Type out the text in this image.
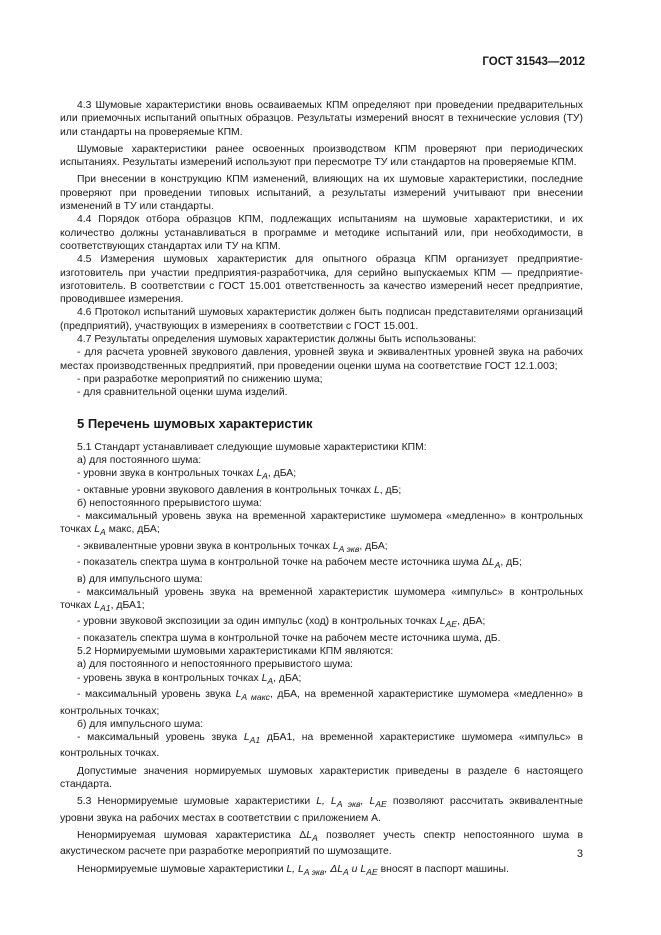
ГОСТ 31543—2012

4.3 Шумовые характеристики вновь осваиваемых КПМ определяют при проведении предварительных или приемочных испытаний опытных образцов. Результаты измерений вносят в технические условия (ТУ) или стандарты на проверяемые КПМ.

Шумовые характеристики ранее освоенных производством КПМ проверяют при периодических испытаниях. Результаты измерений используют при пересмотре ТУ или стандартов на проверяемые КПМ.

При внесении в конструкцию КПМ изменений, влияющих на их шумовые характеристики, последние проверяют при проведении типовых испытаний, а результаты измерений учитывают при внесении изменений в ТУ или стандарты.

4.4 Порядок отбора образцов КПМ, подлежащих испытаниям на шумовые характеристики, и их количество должны устанавливаться в программе и методике испытаний или, при необходимости, в соответствующих стандартах или ТУ на КПМ.

4.5 Измерения шумовых характеристик для опытного образца КПМ организует предприятие-изготовитель при участии предприятия-разработчика, для серийно выпускаемых КПМ — предприятие-изготовитель. В соответствии с ГОСТ 15.001 ответственность за качество измерений несет предприятие, проводившее измерения.

4.6 Протокол испытаний шумовых характеристик должен быть подписан представителями организаций (предприятий), участвующих в измерениях в соответствии с ГОСТ 15.001.

4.7 Результаты определения шумовых характеристик должны быть использованы:

- для расчета уровней звукового давления, уровней звука и эквивалентных уровней звука на рабочих местах производственных предприятий, при проведении оценки шума на соответствие ГОСТ 12.1.003;

- при разработке мероприятий по снижению шума;

- для сравнительной оценки шума изделий.

5 Перечень шумовых характеристик

5.1 Стандарт устанавливает следующие шумовые характеристики КПМ:

а) для постоянного шума:

- уровни звука в контрольных точках $L_A$, дБА;

- октавные уровни звукового давления в контрольных точках L, дБ;

б) непостоянного прерывистого шума:

- максимальный уровень звука на временной характеристике шумомера «медленно» в контрольных точках $L_A$ макс, дБА;

- эквивалентные уровни звука в контрольных точках $L_{A экв}$, дБА;

- показатель спектра шума в контрольной точке на рабочем месте источника шума $\Delta L_A$, дБ;

в) для импульсного шума:

- максимальный уровень звука на временной характеристик шумомера «импульс» в контрольных точках $L_{A1}$, дБА1;

- уровни звуковой экспозиции за один импульс (ход) в контрольных точках $L_{AE}$, дБА;

- показатель спектра шума в контрольной точке на рабочем месте источника шума, дБ.

5.2 Нормируемыми шумовыми характеристиками КПМ являются:

а) для постоянного и непостоянного прерывистого шума:

- уровень звука в контрольных точках $L_A$, дБА;

- максимальный уровень звука $L_{A макс}$, дБА, на временной характеристике шумомера «медленно» в контрольных точках;

б) для импульсного шума:

- максимальный уровень звука $L_{A1}$ дБА1, на временной характеристике шумомера «импульс» в контрольных точках.

Допустимые значения нормируемых шумовых характеристик приведены в разделе 6 настоящего стандарта.

5.3 Ненормируемые шумовые характеристики L, $L_{A экв}$, $L_{AE}$ позволяют рассчитать эквивалентные уровни звука на рабочих местах в соответствии с приложением А.

Ненормируемая шумовая характеристика $\Delta L_A$ позволяет учесть спектр непостоянного шума в акустическом расчете при разработке мероприятий по шумозащите.

Ненормируемые шумовые характеристики L, $L_{A экв}$, $\Delta L_A$ и $L_{AE}$ вносят в паспорт машины.

3
